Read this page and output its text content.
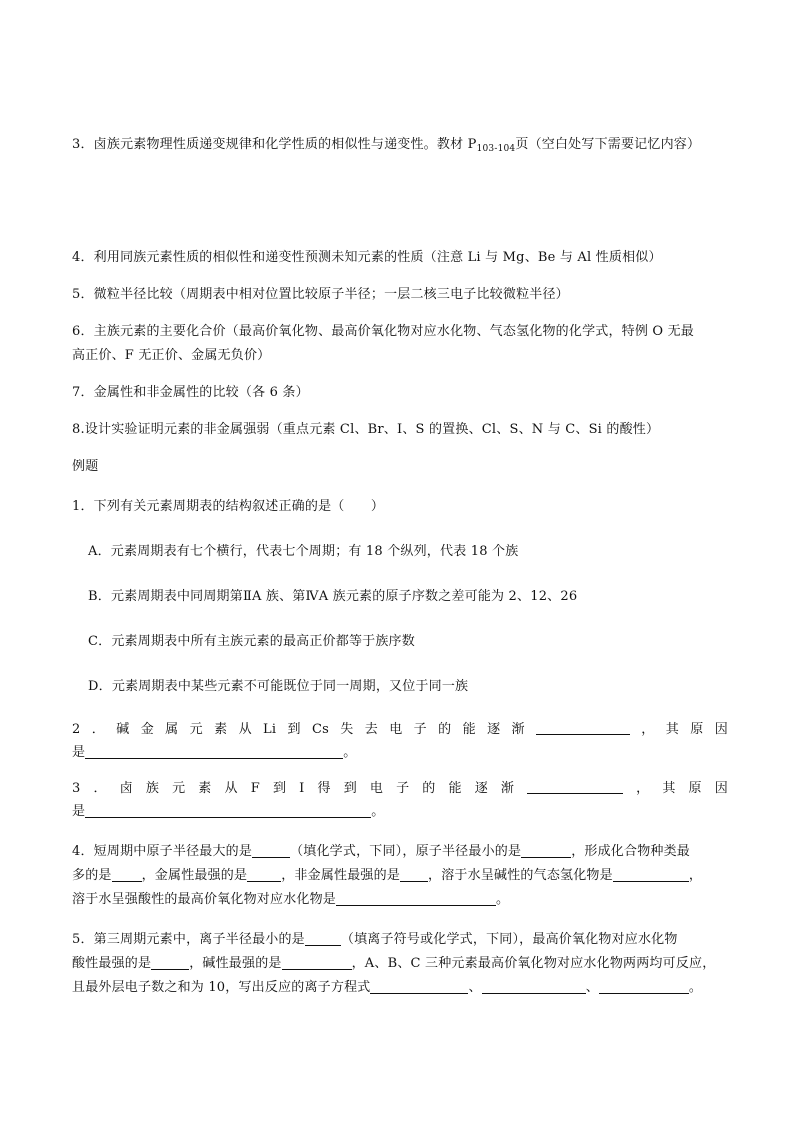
3．卤族元素物理性质递变规律和化学性质的相似性与递变性。教材 $P_{103-104}$页（空白处写下需要记忆内容）
4．利用同族元素性质的相似性和递变性预测未知元素的性质（注意 Li 与 Mg、Be 与 Al 性质相似）
5．微粒半径比较（周期表中相对位置比较原子半径；一层二核三电子比较微粒半径）
6．主族元素的主要化合价（最高价氧化物、最高价氧化物对应水化物、气态氢化物的化学式，特例 O 无最
高正价、F 无正价、金属无负价）
7．金属性和非金属性的比较（各 6 条）
8.设计实验证明元素的非金属强弱（重点元素 Cl、Br、I、S 的置换、Cl、S、N 与 C、Si 的酸性）
例题
1．下列有关元素周期表的结构叙述正确的是（　　）
A．元素周期表有七个横行，代表七个周期；有 18 个纵列，代表 18 个族
B．元素周期表中同周期第ⅡA 族、第ⅣA 族元素的原子序数之差可能为 2、12、26
C．元素周期表中所有主族元素的最高正价都等于族序数
D．元素周期表中某些元素不可能既位于同一周期，又位于同一族
2 ． 碱 金 属 元 素 从 Li 到 Cs 失 去 电 子 的 能 逐 渐	， 其 原 因
是	。
3 ． 卤 族 元 素 从 F 到 I 得 到 电 子 的 能 逐 渐	， 其 原 因
是	。
4．短周期中原子半径最大的是	（填化学式，下同），原子半径最小的是	，形成化合物种类最
多的是 ，金属性最强的是	，非金属性最强的是 ，溶于水呈碱性的气态氢化物是	，
溶于水呈强酸性的最高价氧化物对应水化物是	。
5．第三周期元素中，离子半径最小的是	（填离子符号或化学式，下同），最高价氧化物对应水化物
酸性最强的是	，碱性最强的是	，A、B、C 三种元素最高价氧化物对应水化物两两均可反应，
且最外层电子数之和为 10，写出反应的离子方程式	、	、	。
